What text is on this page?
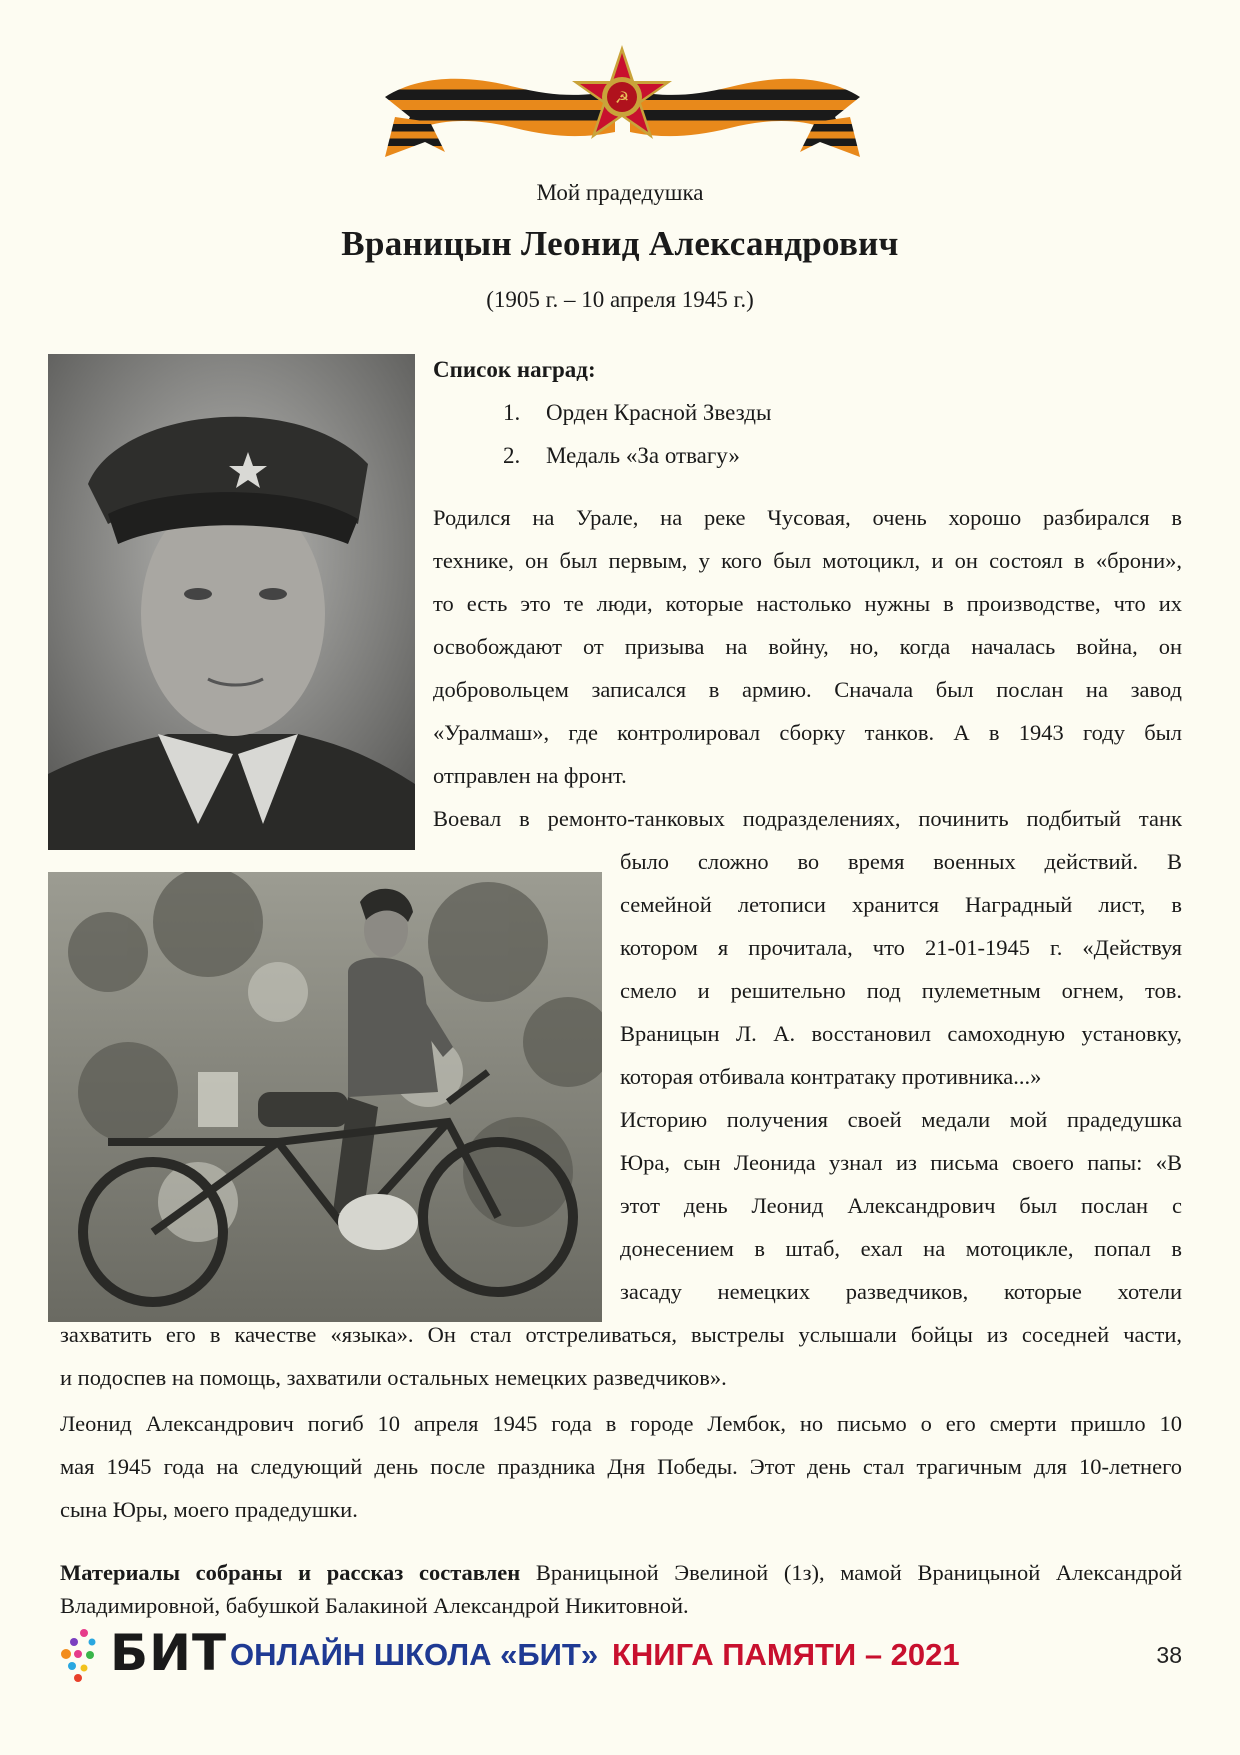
☭
Мой прадедушка
Враницын Леонид Александрович
(1905 г. – 10 апреля 1945 г.)
Список наград:
1. Орден Красной Звезды
2. Медаль «За отвагу»
Родился на Урале, на реке Чусовая, очень хорошо разбирался в
технике, он был первым, у кого был мотоцикл, и он состоял в «брони»,
то есть это те люди, которые настолько нужны в производстве, что их
освобождают от призыва на войну, но, когда началась война, он
добровольцем записался в армию. Сначала был послан на завод
«Уралмаш», где контролировал сборку танков. А в 1943 году был
отправлен на фронт.
Воевал в ремонто-танковых подразделениях, починить подбитый танк
было сложно во время военных действий. В
семейной летописи хранится Наградный лист, в
котором я прочитала, что 21-01-1945 г. «Действуя
смело и решительно под пулеметным огнем, тов.
Враницын Л. А. восстановил самоходную установку,
которая отбивала контратаку противника...»
Историю получения своей медали мой прадедушка
Юра, сын Леонида узнал из письма своего папы: «В
этот день Леонид Александрович был послан с
донесением в штаб, ехал на мотоцикле, попал в
засаду немецких разведчиков, которые хотели
захватить его в качестве «языка». Он стал отстреливаться, выстрелы услышали бойцы из соседней части,
и подоспев на помощь, захватили остальных немецких разведчиков».
Леонид Александрович погиб 10 апреля 1945 года в городе Лембок, но письмо о его смерти пришло 10
мая 1945 года на следующий день после праздника Дня Победы. Этот день стал трагичным для 10-летнего
сына Юры, моего прадедушки.
Материалы собраны и рассказ составлен Враницыной Эвелиной (1з), мамой Враницыной Александрой Владимировной, бабушкой Балакиной Александрой Никитовной.
БИТ ОНЛАЙН ШКОЛА «БИТ» КНИГА ПАМЯТИ – 2021	38
